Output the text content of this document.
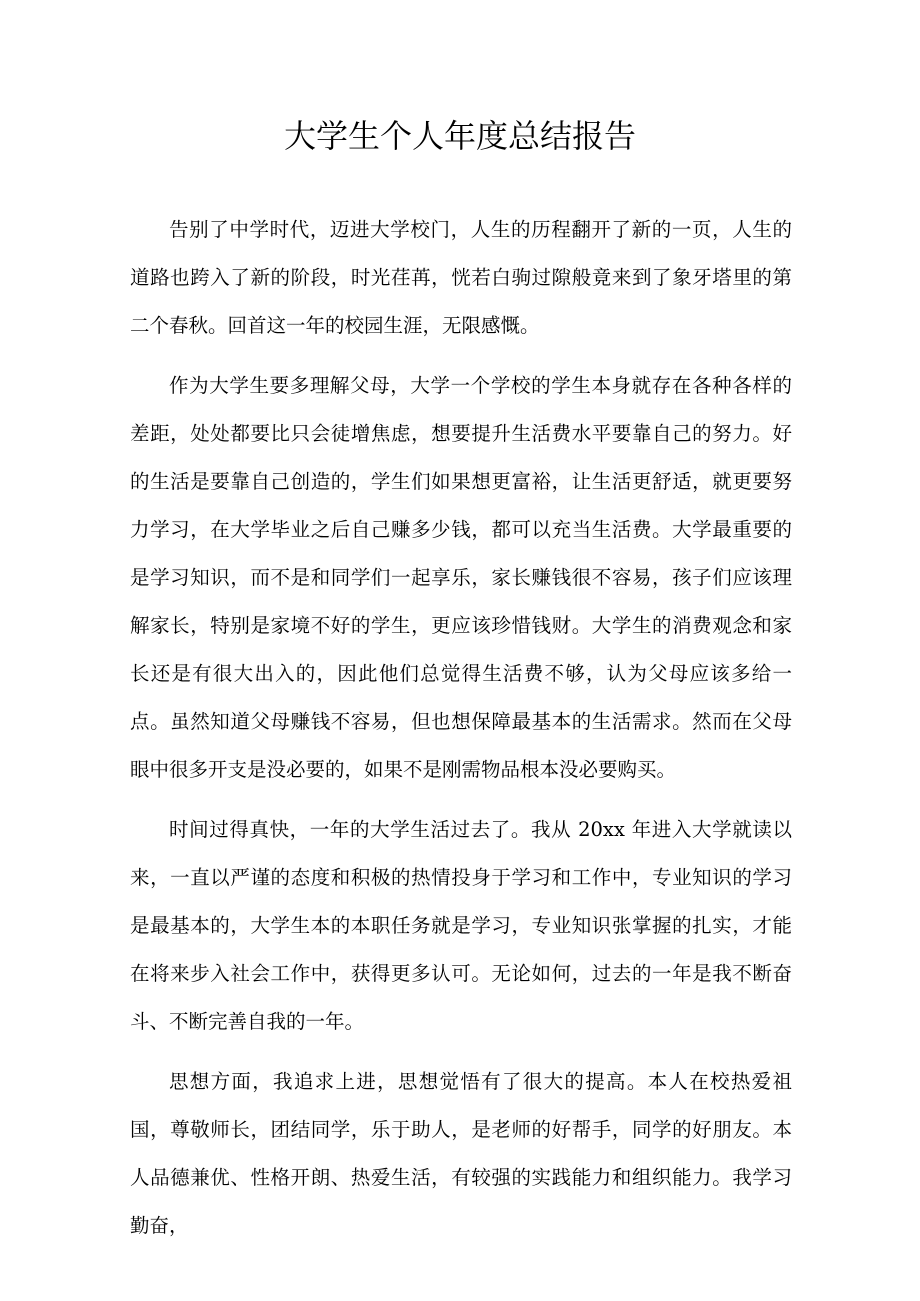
大学生个人年度总结报告

告别了中学时代，迈进大学校门，人生的历程翻开了新的一页，人生的道路也跨入了新的阶段，时光荏苒，恍若白驹过隙般竟来到了象牙塔里的第二个春秋。回首这一年的校园生涯，无限感慨。

作为大学生要多理解父母，大学一个学校的学生本身就存在各种各样的差距，处处都要比只会徒增焦虑，想要提升生活费水平要靠自己的努力。好的生活是要靠自己创造的，学生们如果想更富裕，让生活更舒适，就更要努力学习，在大学毕业之后自己赚多少钱，都可以充当生活费。大学最重要的是学习知识，而不是和同学们一起享乐，家长赚钱很不容易，孩子们应该理解家长，特别是家境不好的学生，更应该珍惜钱财。大学生的消费观念和家长还是有很大出入的，因此他们总觉得生活费不够，认为父母应该多给一点。虽然知道父母赚钱不容易，但也想保障最基本的生活需求。然而在父母眼中很多开支是没必要的，如果不是刚需物品根本没必要购买。

时间过得真快，一年的大学生活过去了。我从 20xx 年进入大学就读以来，一直以严谨的态度和积极的热情投身于学习和工作中，专业知识的学习是最基本的，大学生本的本职任务就是学习，专业知识张掌握的扎实，才能在将来步入社会工作中，获得更多认可。无论如何，过去的一年是我不断奋斗、不断完善自我的一年。

思想方面，我追求上进，思想觉悟有了很大的提高。本人在校热爱祖国，尊敬师长，团结同学，乐于助人，是老师的好帮手，同学的好朋友。本人品德兼优、性格开朗、热爱生活，有较强的实践能力和组织能力。我学习勤奋，
